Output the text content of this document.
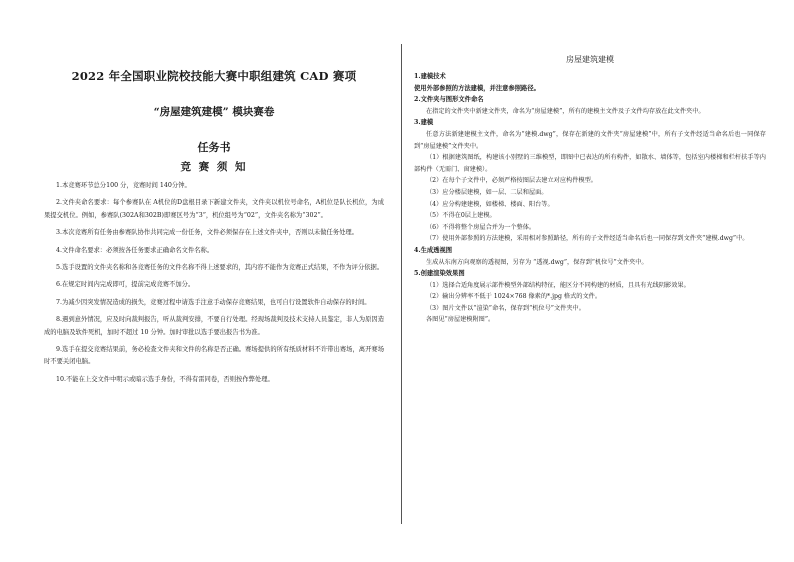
2022 年全国职业院校技能大赛中职组建筑 CAD 赛项

“房屋建筑建模” 模块赛卷
任务书
竞 赛 须 知

1.本竞赛环节总分100 分，竞赛时间 140分钟。

2.文件夹命名要求：每个参赛队在 A机位的D盘根目录下新建文件夹，文件夹以机位号命名，A机位是队长机位，为成果提交机位。例如，参赛队(302A和302B)即赛区号为“3”，机位组号为“02”，文件夹名称为“302”。

3.本次竞赛所有任务由参赛队协作共同完成一份任务，文件必须保存在上述文件夹中，否则以未做任务处理。

4.文件命名要求：必须按各任务要求正确命名文件名称。

5.选手设置的文件夹名称和各竞赛任务的文件名称不得上述要求的，其内容不能作为竞赛正式结果，不作为评分依据。

6.在规定时间内完成即可，提前完成竞赛不加分。

7.为减少因突发情况造成的损失，竞赛过程中请选手注意手动保存竞赛结果，也可自行设置软件自动保存的时间。

8.遇到意外情况，应及时向裁判报告，听从裁判安排，不要自行处理。经现场裁判及技术支持人员鉴定，非人为原因造成的电脑及软件死机，加时不超过 10 分钟。加时审批以选手要出报告书为准。

9.选手在提交竞赛结果前，务必检查文件夹和文件的名称是否正确。赛场提供的所有纸质材料不许带出赛场，离开赛场时不要关闭电脑。

10.不能在上交文件中明示或暗示选手身份，不得有雷同卷，否则按作弊处理。

房屋建筑建模

1.建模技术

使用外部参照的方法建模，并注意参照路径。

2.文件夹与图形文件命名

在指定的文件夹中新建文件夹，命名为“房屋建模”，所有的建模主文件及子文件均存放在此文件夹中。

3.建模

任意方法新建建模主文件，命名为“建模.dwg”，保存在新建的文件夹“房屋建模”中，所有子文件经适当命名后也一同保存到“房屋建模”文件夹中。

（1）根据建筑图纸，构建该小别墅的三维模型，即图中已表达的所有构件，如散水、墙体等，包括室内楼梯和栏杆扶手等内部构件（无需门、窗建模）。

（2）在每个子文件中，必须严格按图层去建立对应构件模型。

（3）应分楼层建模，如一层、二层和屋面。

（4）应分构建建模，如楼梯、楼面、阳台等。

（5）不得在0层上建模。

（6）不得将整个房屋合并为一个整体。

（7）使用外部参照的方法建模，采用相对参照路径，所有的子文件经适当命名后也一同保存到文件夹“建模.dwg”中。

4.生成透视图

生成从东南方向观察的透视图，另存为 “透视.dwg”，保存到“机位号”文件夹中。

5.创建渲染效果图

（1）选择合适角度展示部件模型外部结构特征，能区分不同构建的材质，且具有光线阴影效果。

（2）输出分辨率不低于 1024×768 像素的*.jpg 格式的文件。

（3）图片文件以“渲染”命名，保存到“机位号”文件夹中。

各图见“房屋建模附图”。
